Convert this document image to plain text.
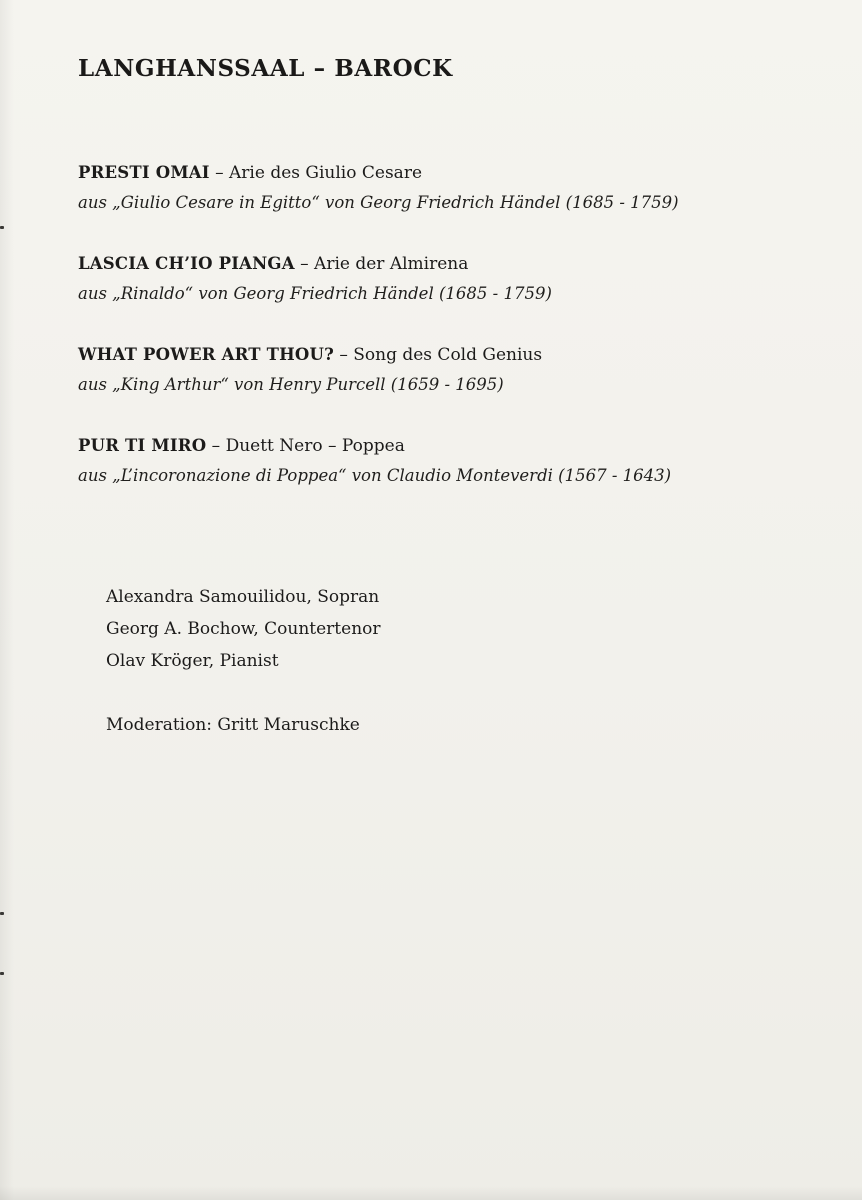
LANGHANSSAAL – BAROCK
PRESTI OMAI – Arie des Giulio Cesare
aus „Giulio Cesare in Egitto“ von Georg Friedrich Händel (1685 - 1759)
LASCIA CH’IO PIANGA – Arie der Almirena
aus „Rinaldo“ von Georg Friedrich Händel (1685 - 1759)
WHAT POWER ART THOU? – Song des Cold Genius
aus „King Arthur“ von Henry Purcell (1659 - 1695)
PUR TI MIRO – Duett Nero – Poppea
aus „L’incoronazione di Poppea“ von Claudio Monteverdi (1567 - 1643)
Alexandra Samouilidou, Sopran
Georg A. Bochow, Countertenor
Olav Kröger, Pianist
Moderation: Gritt Maruschke
